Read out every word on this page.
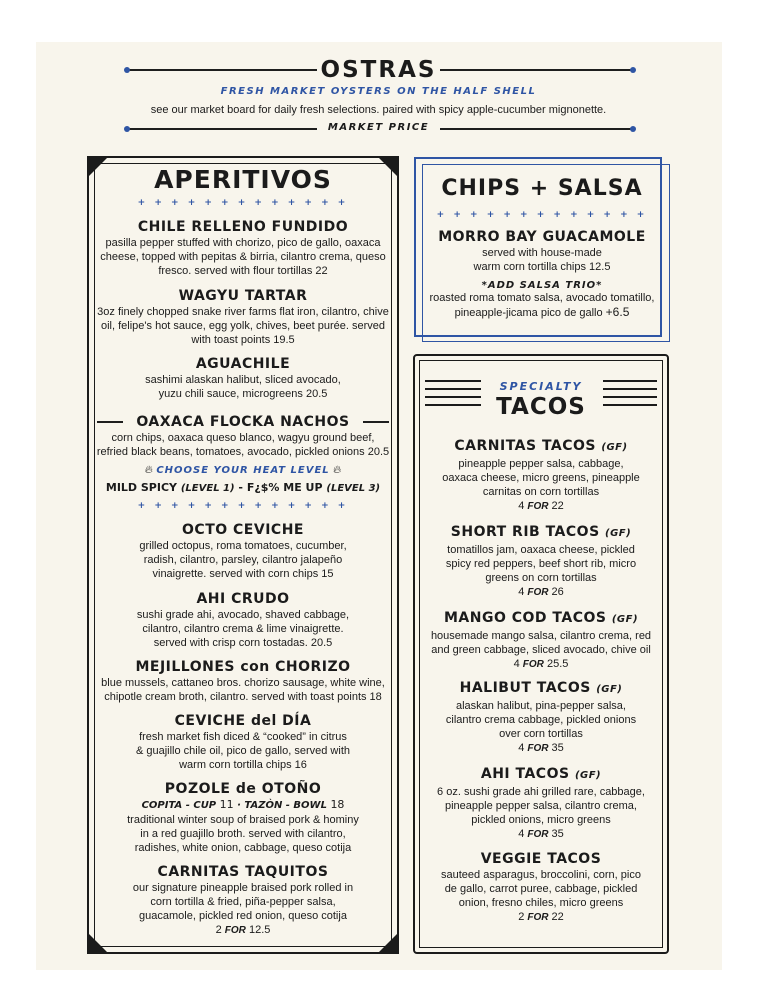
OSTRAS
FRESH MARKET OYSTERS ON THE HALF SHELL
see our market board for daily fresh selections. paired with spicy apple-cucumber mignonette.
MARKET PRICE
APERITIVOS
+ + + + + + + + + + + + +
CHILE RELLENO FUNDIDO
pasilla pepper stuffed with chorizo, pico de gallo, oaxaca cheese, topped with pepitas & birria, cilantro crema, queso fresco. served with flour tortillas 22
WAGYU TARTAR
3oz finely chopped snake river farms flat iron, cilantro, chive oil, felipe's hot sauce, egg yolk, chives, beet purée. served with toast points 19.5
AGUACHILE
sashimi alaskan halibut, sliced avocado, yuzu chili sauce, microgreens 20.5
OAXACA FLOCKA NACHOS
corn chips, oaxaca queso blanco, wagyu ground beef, refried black beans, tomatoes, avocado, pickled onions 20.5
🔥︎ CHOOSE YOUR HEAT LEVEL 🔥︎
MILD SPICY (LEVEL 1) - F¿$% ME UP (LEVEL 3)
+ + + + + + + + + + + + +
OCTO CEVICHE
grilled octopus, roma tomatoes, cucumber, radish, cilantro, parsley, cilantro jalapeño vinaigrette. served with corn chips 15
AHI CRUDO
sushi grade ahi, avocado, shaved cabbage, cilantro, cilantro crema & lime vinaigrette. served with crisp corn tostadas. 20.5
MEJILLONES con CHORIZO
blue mussels, cattaneo bros. chorizo sausage, white wine, chipotle cream broth, cilantro. served with toast points 18
CEVICHE del DÍA
fresh market fish diced & “cooked” in citrus & guajillo chile oil, pico de gallo, served with warm corn tortilla chips 16
POZOLE de OTOÑO
COPITA - CUP 11 · TAZÒN - BOWL 18
traditional winter soup of braised pork & hominy in a red guajillo broth. served with cilantro, radishes, white onion, cabbage, queso cotija
CARNITAS TAQUITOS
our signature pineapple braised pork rolled in corn tortilla & fried, piña-pepper salsa, guacamole, pickled red onion, queso cotija
2 FOR 12.5
CHIPS + SALSA
+ + + + + + + + + + + + +
MORRO BAY GUACAMOLE
served with house-made warm corn tortilla chips 12.5
*ADD SALSA TRIO*
roasted roma tomato salsa, avocado tomatillo, pineapple-jicama pico de gallo +6.5
SPECIALTY
TACOS
CARNITAS TACOS (GF)
pineapple pepper salsa, cabbage, oaxaca cheese, micro greens, pineapple carnitas on corn tortillas
4 FOR 22
SHORT RIB TACOS (GF)
tomatillos jam, oaxaca cheese, pickled spicy red peppers, beef short rib, micro greens on corn tortillas
4 FOR 26
MANGO COD TACOS (GF)
housemade mango salsa, cilantro crema, red and green cabbage, sliced avocado, chive oil
4 FOR 25.5
HALIBUT TACOS (GF)
alaskan halibut, pina-pepper salsa, cilantro crema cabbage, pickled onions over corn tortillas
4 FOR 35
AHI TACOS (GF)
6 oz. sushi grade ahi grilled rare, cabbage, pineapple pepper salsa, cilantro crema, pickled onions, micro greens
4 FOR 35
VEGGIE TACOS
sauteed asparagus, broccolini, corn, pico de gallo, carrot puree, cabbage, pickled onion, fresno chiles, micro greens
2 FOR 22
